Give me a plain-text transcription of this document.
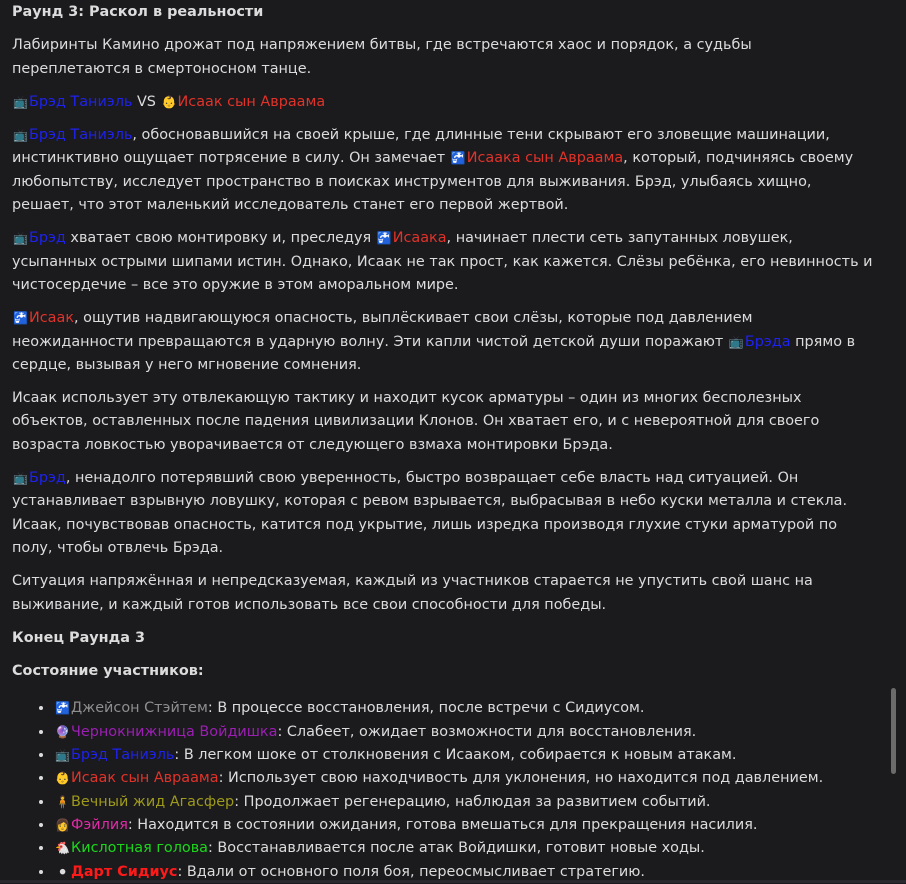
Раунд 3: Раскол в реальности

Лабиринты Камино дрожат под напряжением битвы, где встречаются хаос и порядок, а судьбы переплетаются в смертоносном танце.

📺Брэд Таниэль VS 👶Исаак сын Авраама

📺Брэд Таниэль, обосновавшийся на своей крыше, где длинные тени скрывают его зловещие машинации, инстинктивно ощущает потрясение в силу. Он замечает 🚰Исаака сын Авраама, который, подчиняясь своему любопытству, исследует пространство в поисках инструментов для выживания. Брэд, улыбаясь хищно, решает, что этот маленький исследователь станет его первой жертвой.

📺Брэд хватает свою монтировку и, преследуя 🚰Исаака, начинает плести сеть запутанных ловушек, усыпанных острыми шипами истин. Однако, Исаак не так прост, как кажется. Слёзы ребёнка, его невинность и чистосердечие – все это оружие в этом аморальном мире.

🚰Исаак, ощутив надвигающуюся опасность, выплёскивает свои слёзы, которые под давлением неожиданности превращаются в ударную волну. Эти капли чистой детской души поражают 📺Брэда прямо в сердце, вызывая у него мгновение сомнения.

Исаак использует эту отвлекающую тактику и находит кусок арматуры – один из многих бесполезных объектов, оставленных после падения цивилизации Клонов. Он хватает его, и с невероятной для своего возраста ловкостью уворачивается от следующего взмаха монтировки Брэда.

📺Брэд, ненадолго потерявший свою уверенность, быстро возвращает себе власть над ситуацией. Он устанавливает взрывную ловушку, которая с ревом взрывается, выбрасывая в небо куски металла и стекла. Исаак, почувствовав опасность, катится под укрытие, лишь изредка производя глухие стуки арматурой по полу, чтобы отвлечь Брэда.

Ситуация напряжённая и непредсказуемая, каждый из участников старается не упустить свой шанс на выживание, и каждый готов использовать все свои способности для победы.

Конец Раунда 3

Состояние участников:

• 🚰Джейсон Стэйтем: В процессе восстановления, после встречи с Сидиусом.
• 🔮Чернокнижница Войдишка: Слабеет, ожидает возможности для восстановления.
• 📺Брэд Таниэль: В легком шоке от столкновения с Исааком, собирается к новым атакам.
• 👶Исаак сын Авраама: Использует свою находчивость для уклонения, но находится под давлением.
• 🧍Вечный жид Агасфер: Продолжает регенерацию, наблюдая за развитием событий.
• 👩Фэйлия: Находится в состоянии ожидания, готова вмешаться для прекращения насилия.
• 🐔Кислотная голова: Восстанавливается после атак Войдишки, готовит новые ходы.
• ⚫ Дарт Сидиус: Вдали от основного поля боя, переосмысливает стратегию.
